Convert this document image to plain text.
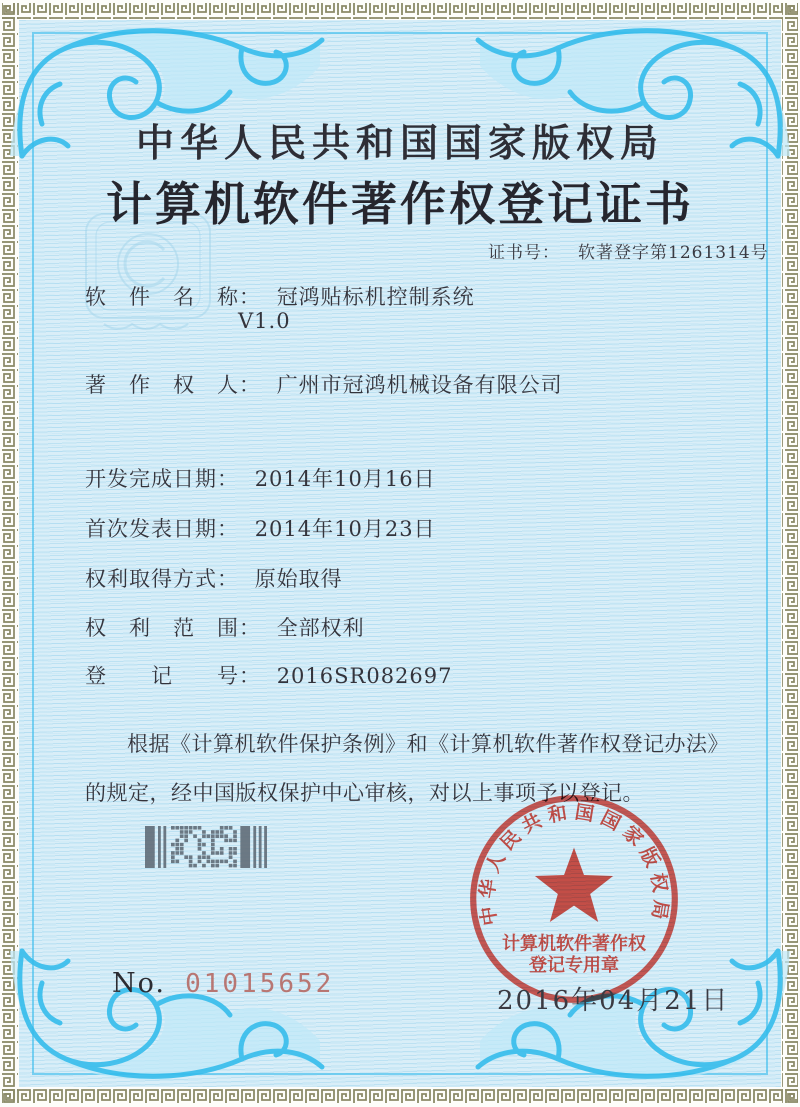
中华人民共和国国家版权局
计算机软件著作权登记证书
证书号： 软著登字第1261314号
软　件　名　称： 冠鸿贴标机控制系统
V1.0
著　作　权　人： 广州市冠鸿机械设备有限公司
开发完成日期： 2014年10月16日
首次发表日期： 2014年10月23日
权利取得方式： 原始取得
权　利　范　围： 全部权利
登　　记　　号： 2016SR082697
根据《计算机软件保护条例》和《计算机软件著作权登记办法》的规定，经中国版权保护中心审核，对以上事项予以登记。
中华人民共和国国家版权局
计算机软件著作权
登记专用章
2016年04月21日
No. 01015652
